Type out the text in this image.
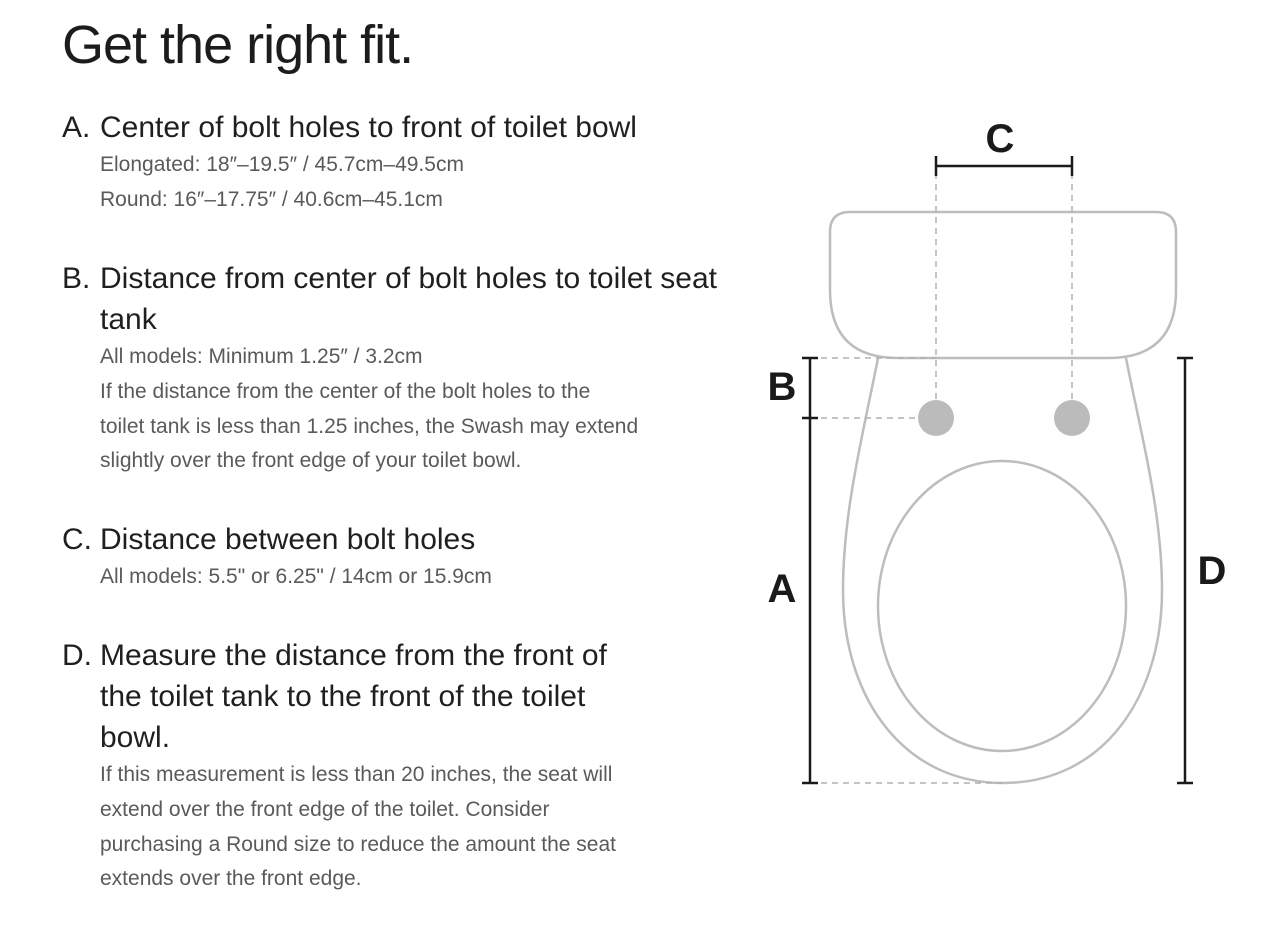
Get the right fit.
A. Center of bolt holes to front of toilet bowl
Elongated: 18″–19.5″ / 45.7cm–49.5cm
Round: 16″–17.75″ / 40.6cm–45.1cm
B. Distance from center of bolt holes to toilet seat tank
All models: Minimum 1.25″ / 3.2cm
If the distance from the center of the bolt holes to the
toilet tank is less than 1.25 inches, the Swash may extend
slightly over the front edge of your toilet bowl.
C. Distance between bolt holes
All models: 5.5" or 6.25" / 14cm or 15.9cm
D. Measure the distance from the front of the toilet tank to the front of the toilet bowl.
If this measurement is less than 20 inches, the seat will
extend over the front edge of the toilet. Consider
purchasing a Round size to reduce the amount the seat
extends over the front edge.
C
B
A	D
